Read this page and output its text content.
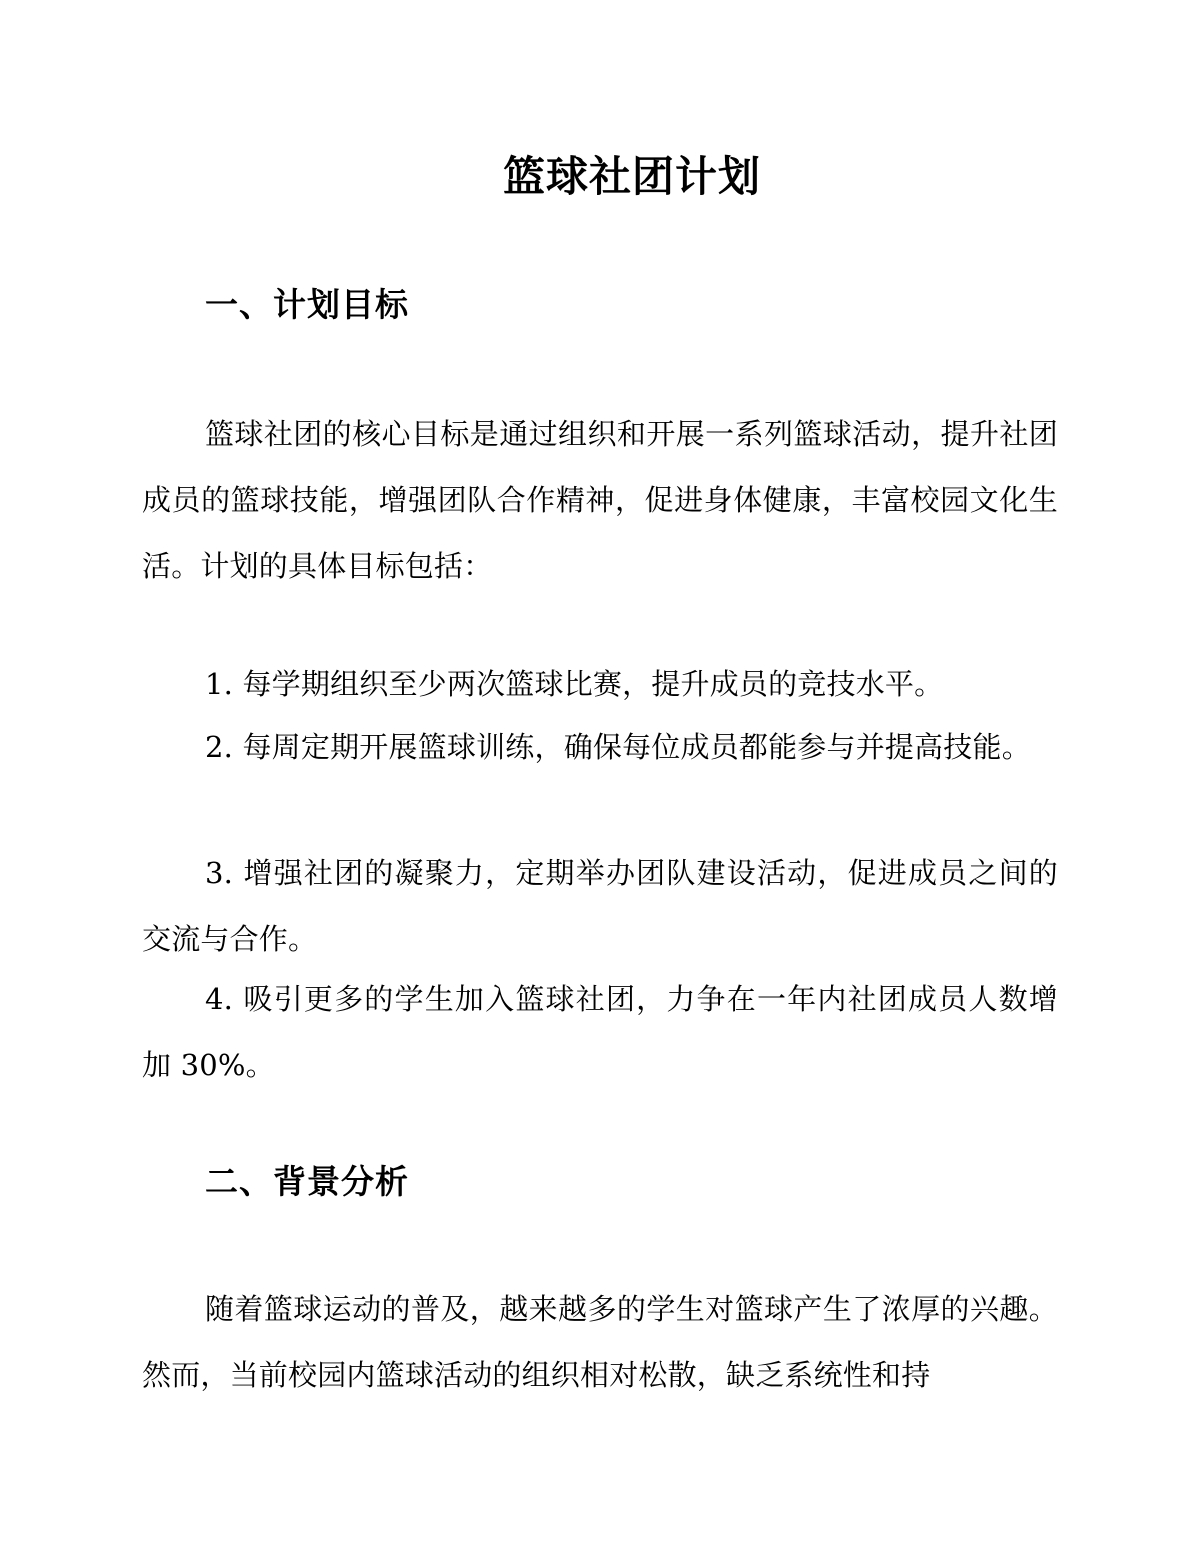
篮球社团计划
一、计划目标

篮球社团的核心目标是通过组织和开展一系列篮球活动，提升社团成员的篮球技能，增强团队合作精神，促进身体健康，丰富校园文化生活。计划的具体目标包括：

1. 每学期组织至少两次篮球比赛，提升成员的竞技水平。

2. 每周定期开展篮球训练，确保每位成员都能参与并提高技能。

3. 增强社团的凝聚力，定期举办团队建设活动，促进成员之间的交流与合作。

4. 吸引更多的学生加入篮球社团，力争在一年内社团成员人数增加 30%。

二、背景分析

随着篮球运动的普及，越来越多的学生对篮球产生了浓厚的兴趣。然而，当前校园内篮球活动的组织相对松散，缺乏系统性和持
